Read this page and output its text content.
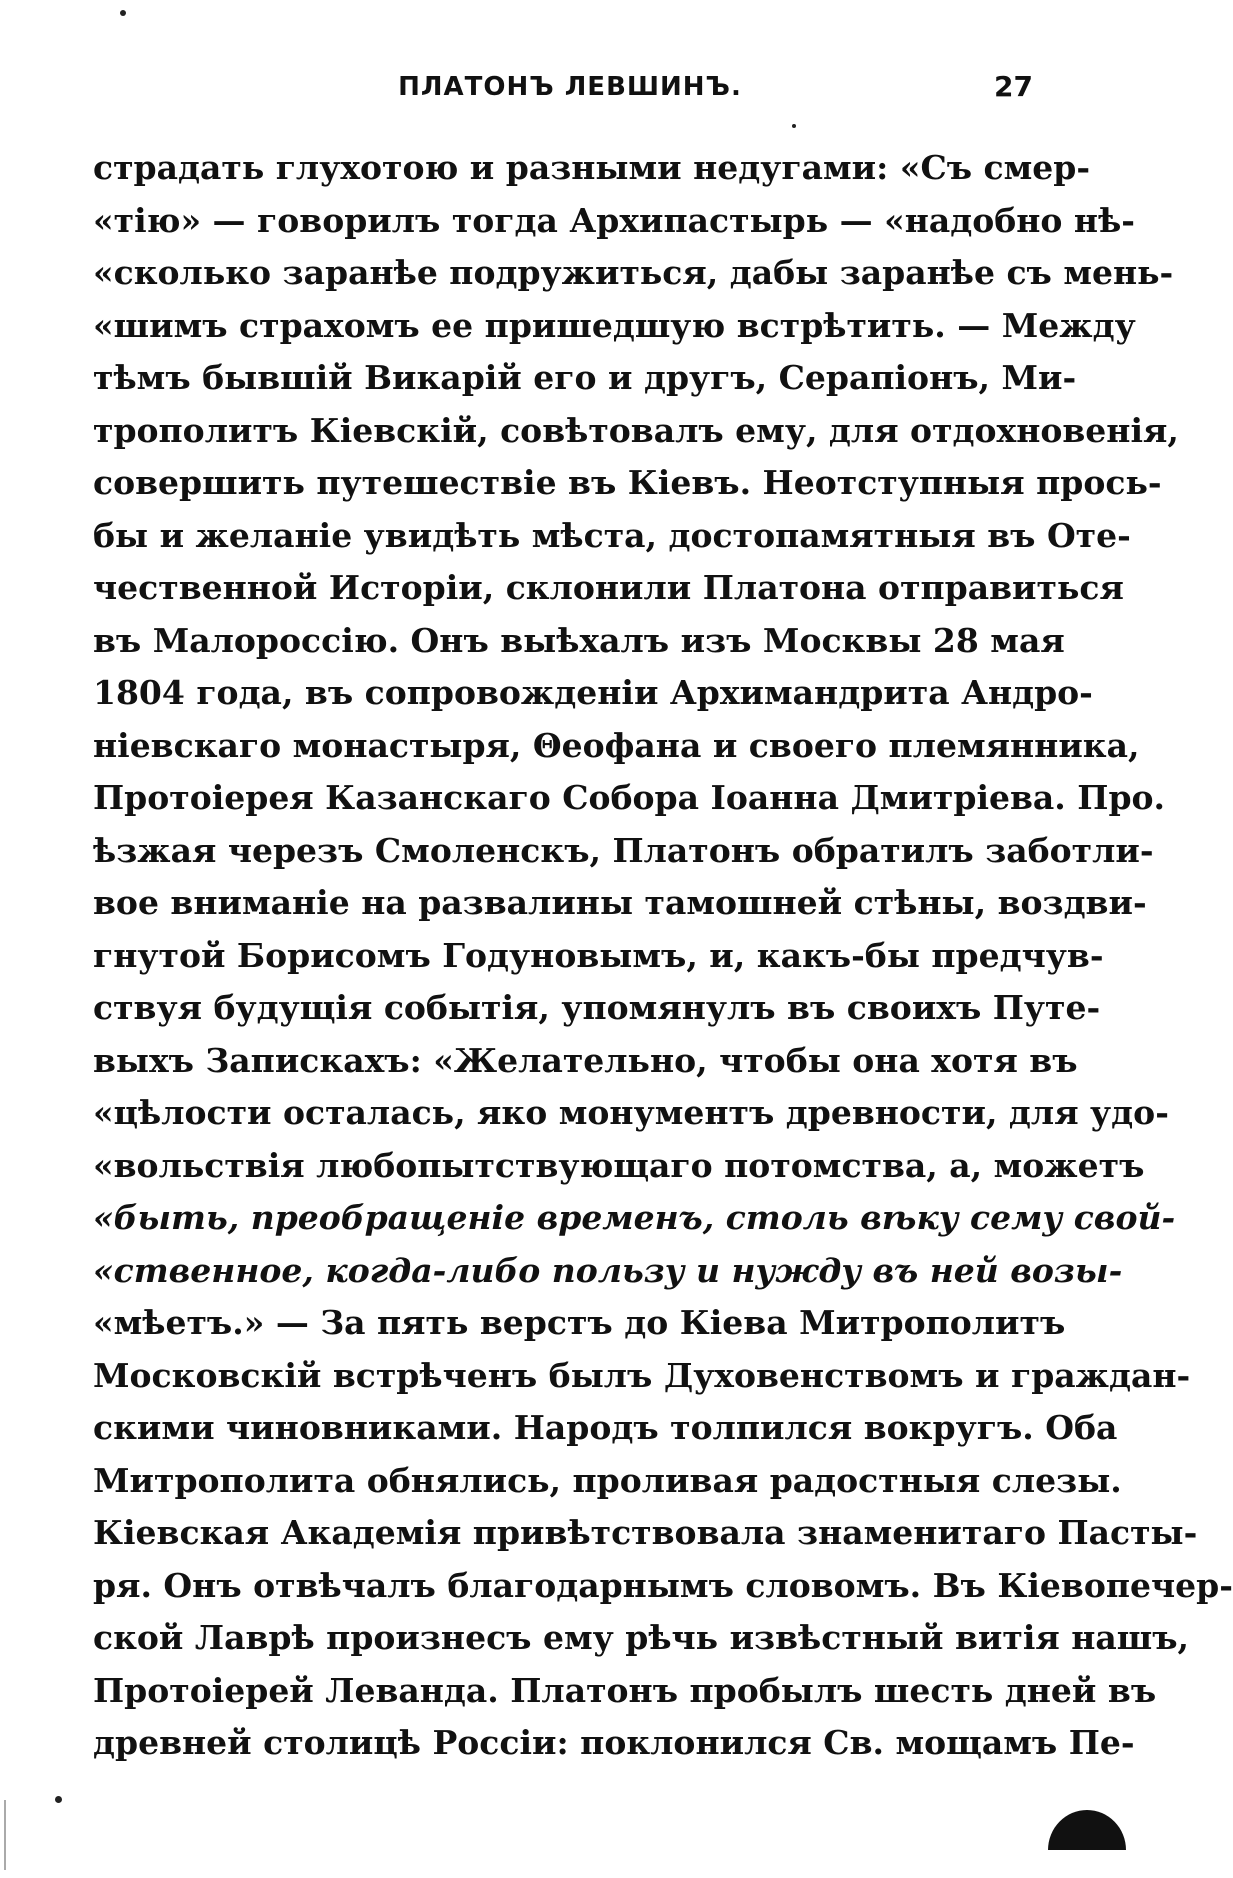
ПЛАТОНЪ ЛЕВШИНЪ.	27
страдать глухотою и разными недугами: «Съ смер-
«тію» — говорилъ тогда Архипастырь — «надобно нѣ-
«сколько заранѣе подружиться, дабы заранѣе съ мень-
«шимъ страхомъ ее пришедшую встрѣтить. — Между
тѣмъ бывшій Викарій его и другъ, Серапіонъ, Ми-
трополитъ Кіевскій, совѣтовалъ ему, для отдохновенія,
совершить путешествіе въ Кіевъ. Неотступныя прось-
бы и желаніе увидѣть мѣста, достопамятныя въ Оте-
чественной Исторіи, склонили Платона отправиться
въ Малороссію. Онъ выѣхалъ изъ Москвы 28 мая
1804 года, въ сопровожденіи Архимандрита Андро-
ніевскаго монастыря, Θеофана и своего племянника,
Протоіерея Казанскаго Собора Іоанна Дмитріева. Про.
ѣзжая черезъ Смоленскъ, Платонъ обратилъ заботли-
вое вниманіе на развалины тамошней стѣны, воздви-
гнутой Борисомъ Годуновымъ, и, какъ-бы предчув-
ствуя будущія событія, упомянулъ въ своихъ Путе-
выхъ Запискахъ: «Желательно, чтобы она хотя въ
«цѣлости осталась, яко монументъ древности, для удо-
«вольствія любопытствующаго потомства, а, можетъ
«быть, преобращеніе временъ, столь вѣку сему свой-
«ственное, когда-либо пользу и нужду въ ней возы-
«мѣетъ.» — За пять верстъ до Кіева Митрополитъ
Московскій встрѣченъ былъ Духовенствомъ и граждан-
скими чиновниками. Народъ толпился вокругъ. Оба
Митрополита обнялись, проливая радостныя слезы.
Кіевская Академія привѣтствовала знаменитаго Пасты-
ря. Онъ отвѣчалъ благодарнымъ словомъ. Въ Кіевопечер-
ской Лаврѣ произнесъ ему рѣчь извѣстный витія нашъ,
Протоіерей Леванда. Платонъ пробылъ шесть дней въ
древней столицѣ Россіи: поклонился Св. мощамъ Пе-
